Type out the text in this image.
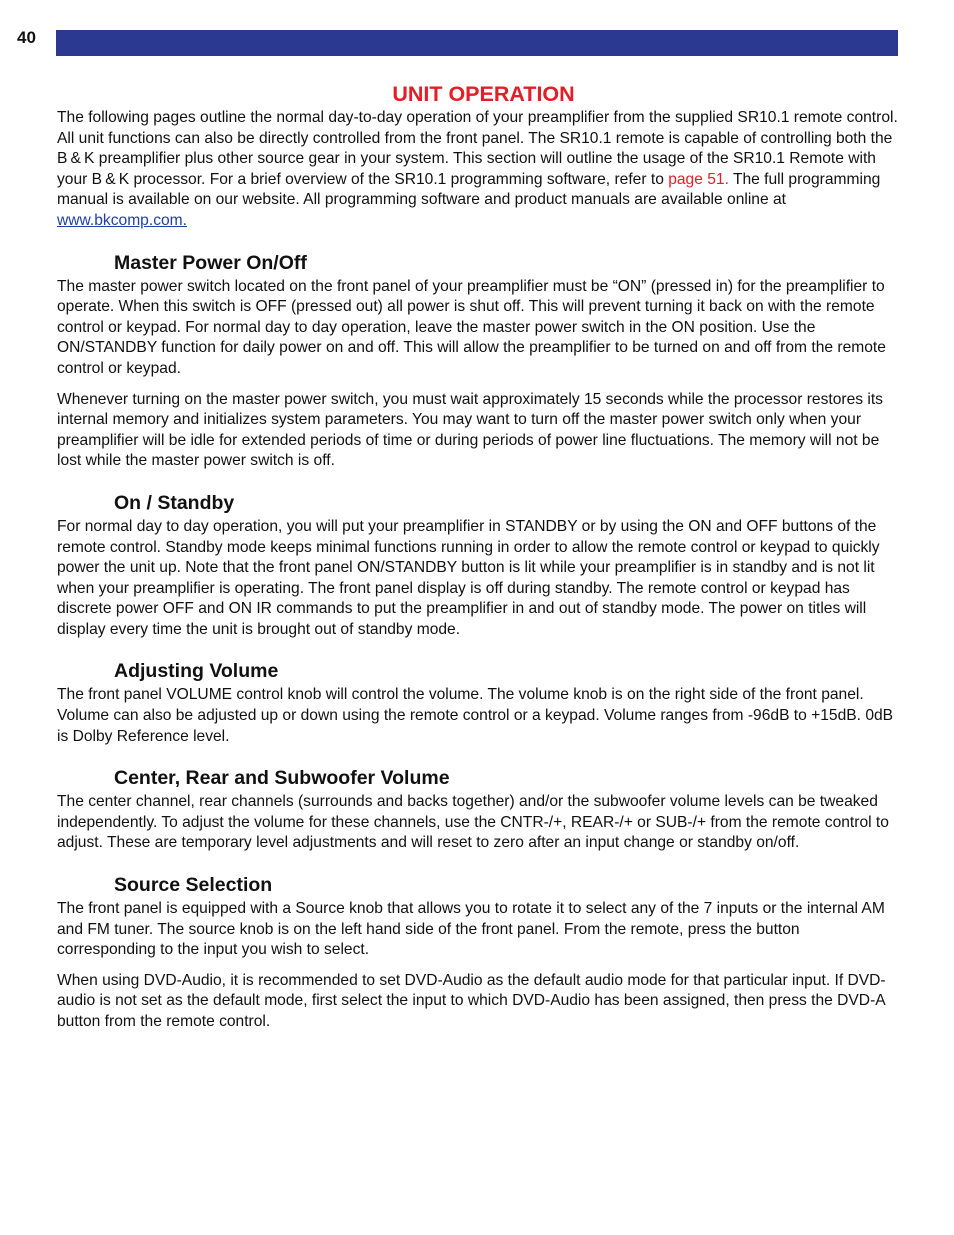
40
UNIT OPERATION

The following pages outline the normal day-to-day operation of your preamplifier from the supplied SR10.1 remote control. All unit functions can also be directly controlled from the front panel. The SR10.1 remote is capable of controlling both the B & K preamplifier plus other source gear in your system. This section will outline the usage of the SR10.1 Remote with your B & K processor. For a brief overview of the SR10.1 programming software, refer to page 51. The full programming manual is available on our website. All programming software and product manuals are available online at www.bkcomp.com.

Master Power On/Off

The master power switch located on the front panel of your preamplifier must be “ON” (pressed in) for the preamplifier to operate. When this switch is OFF (pressed out) all power is shut off. This will prevent turning it back on with the remote control or keypad. For normal day to day operation, leave the master power switch in the ON position. Use the ON/STANDBY function for daily power on and off. This will allow the preamplifier to be turned on and off from the remote control or keypad.

Whenever turning on the master power switch, you must wait approximately 15 seconds while the processor restores its internal memory and initializes system parameters. You may want to turn off the master power switch only when your preamplifier will be idle for extended periods of time or during periods of power line fluctuations. The memory will not be lost while the master power switch is off.

On / Standby

For normal day to day operation, you will put your preamplifier in STANDBY or by using the ON and OFF buttons of the remote control. Standby mode keeps minimal functions running in order to allow the remote control or keypad to quickly power the unit up. Note that the front panel ON/STANDBY button is lit while your preamplifier is in standby and is not lit when your preamplifier is operating. The front panel display is off during standby. The remote control or keypad has discrete power OFF and ON IR commands to put the preamplifier in and out of standby mode. The power on titles will display every time the unit is brought out of standby mode.

Adjusting Volume

The front panel VOLUME control knob will control the volume. The volume knob is on the right side of the front panel. Volume can also be adjusted up or down using the remote control or a keypad. Volume ranges from -96dB to +15dB. 0dB is Dolby Reference level.

Center, Rear and Subwoofer Volume

The center channel, rear channels (surrounds and backs together) and/or the subwoofer volume levels can be tweaked independently. To adjust the volume for these channels, use the CNTR-/+, REAR-/+ or SUB-/+ from the remote control to adjust. These are temporary level adjustments and will reset to zero after an input change or standby on/off.

Source Selection

The front panel is equipped with a Source knob that allows you to rotate it to select any of the 7 inputs or the internal AM and FM tuner. The source knob is on the left hand side of the front panel. From the remote, press the button corresponding to the input you wish to select.

When using DVD-Audio, it is recommended to set DVD-Audio as the default audio mode for that particular input. If DVD-audio is not set as the default mode, first select the input to which DVD-Audio has been assigned, then press the DVD-A button from the remote control.
